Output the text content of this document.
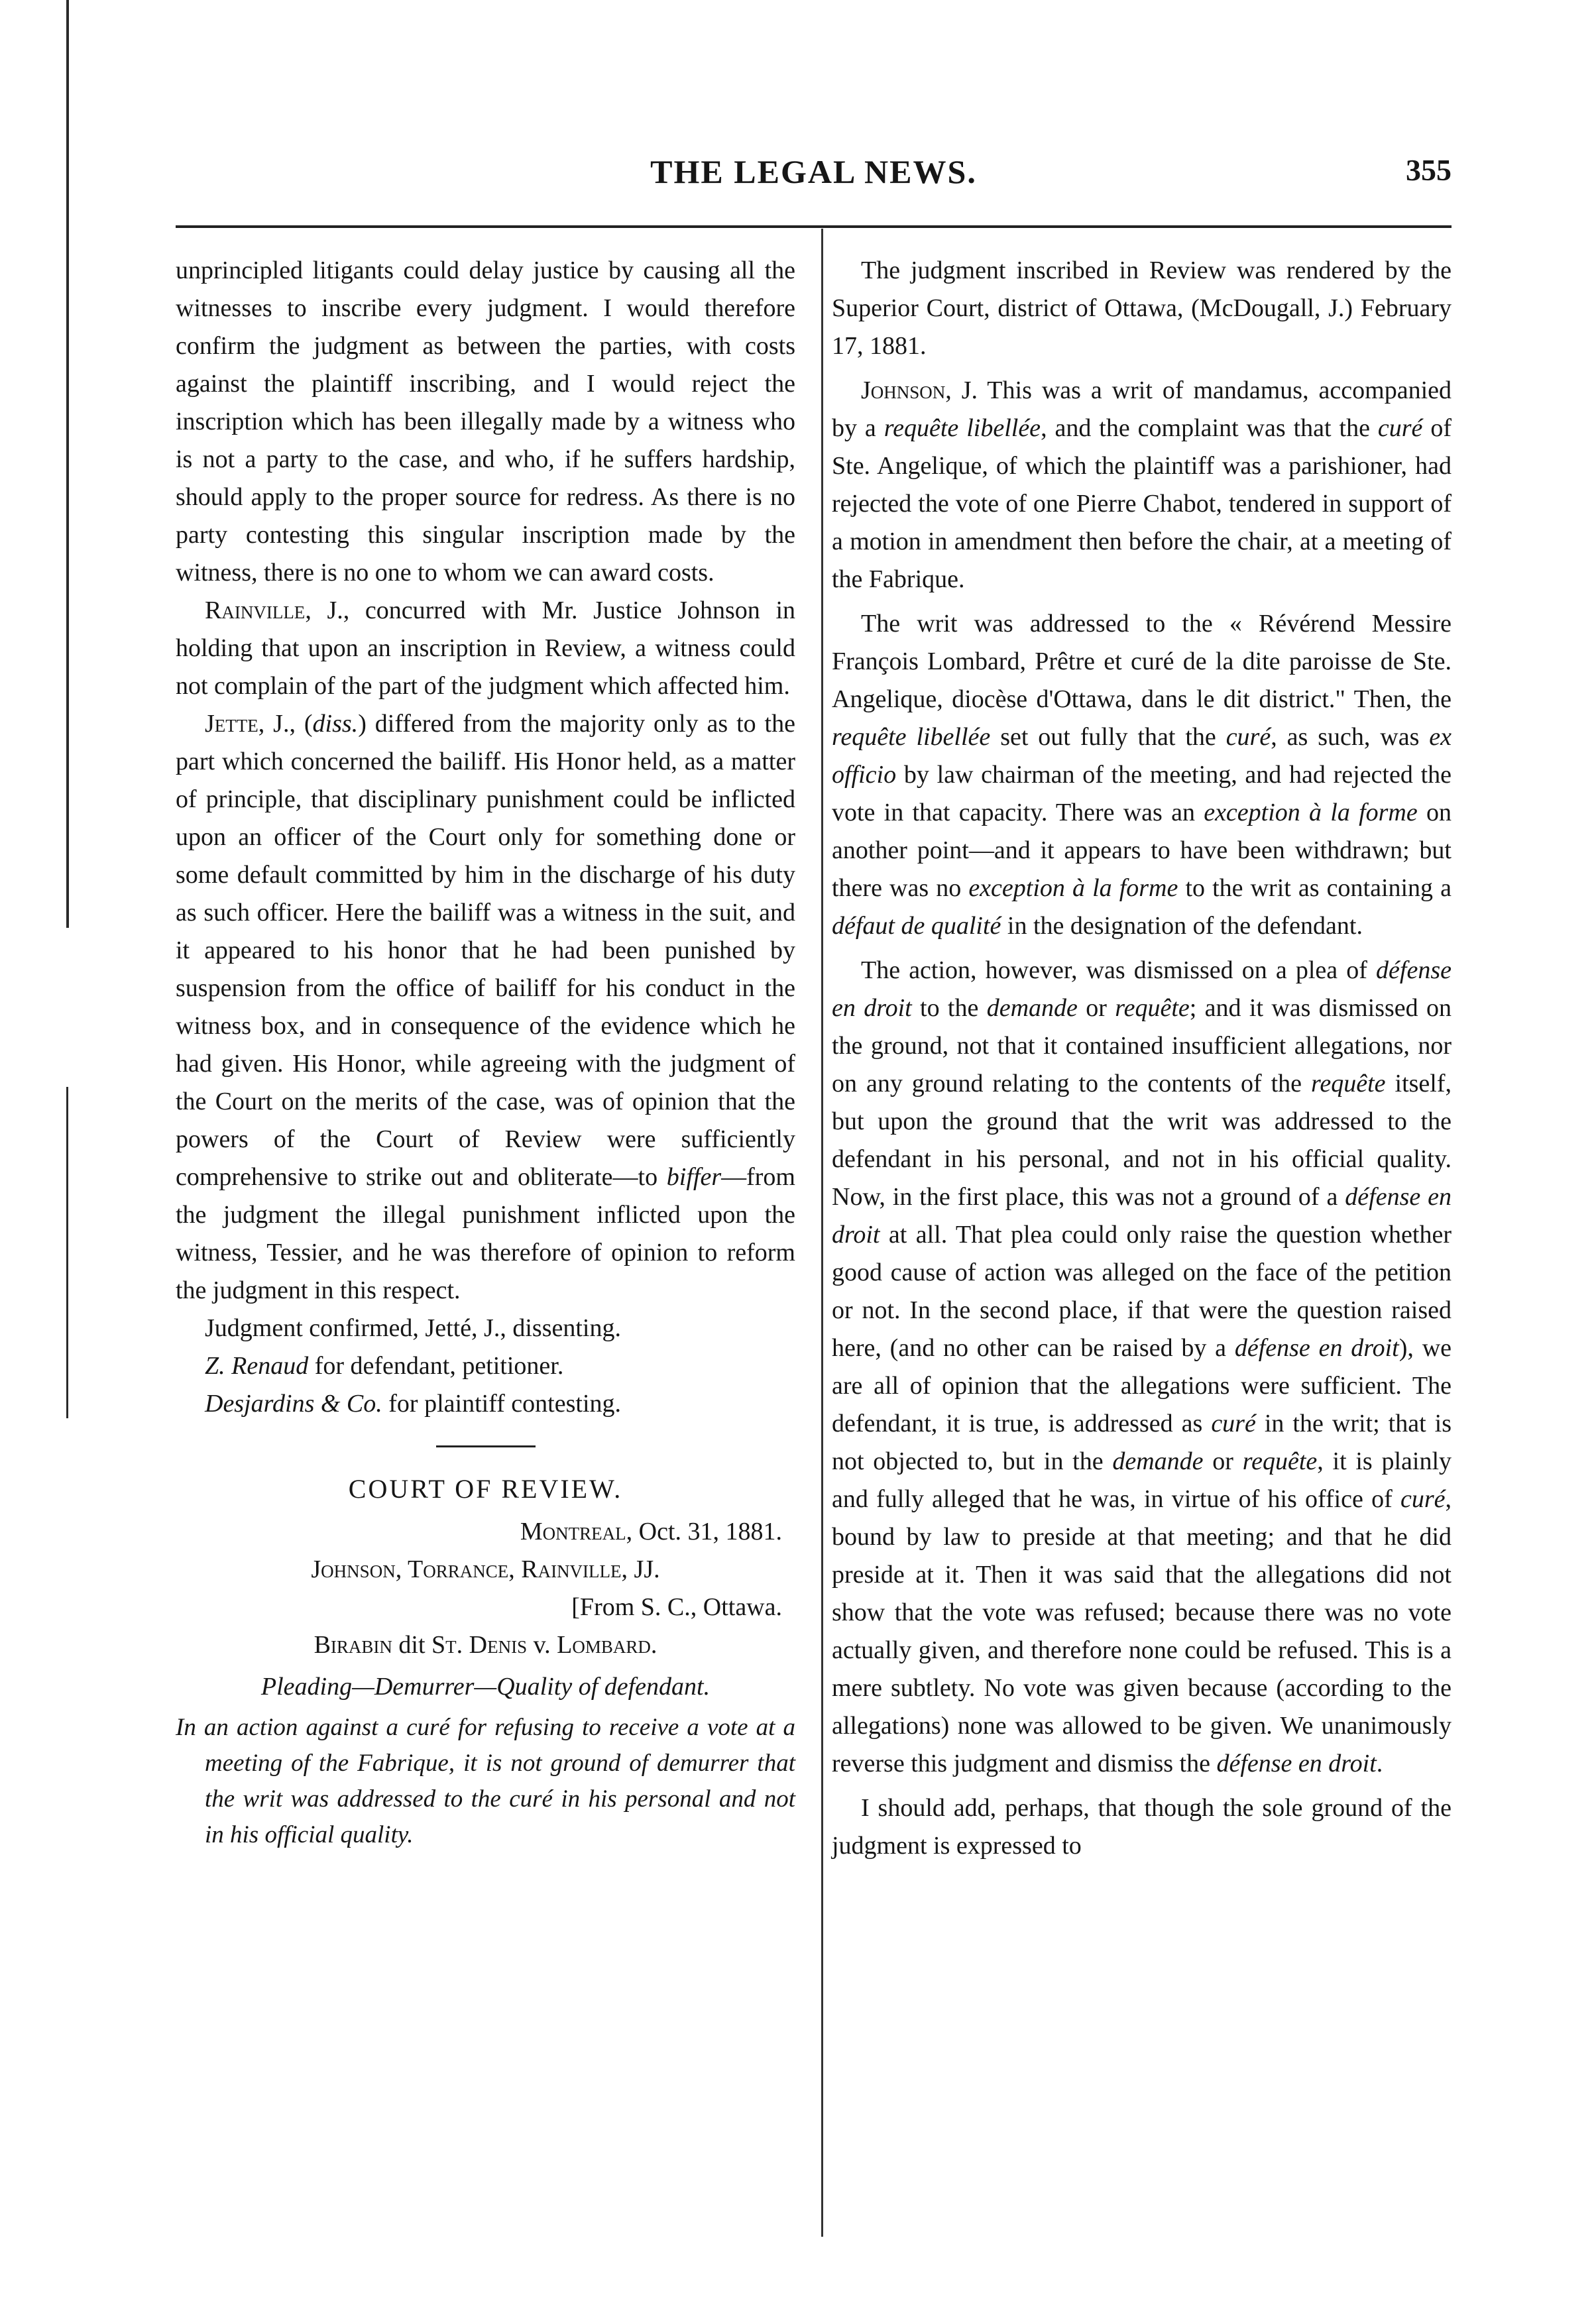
THE LEGAL NEWS.	355

unprincipled litigants could delay justice by causing all the witnesses to inscribe every judgment. I would therefore confirm the judgment as between the parties, with costs against the plaintiff inscribing, and I would reject the inscription which has been illegally made by a witness who is not a party to the case, and who, if he suffers hardship, should apply to the proper source for redress. As there is no party contesting this singular inscription made by the witness, there is no one to whom we can award costs.

Rainville, J., concurred with Mr. Justice Johnson in holding that upon an inscription in Review, a witness could not complain of the part of the judgment which affected him.

Jette, J., (diss.) differed from the majority only as to the part which concerned the bailiff. His Honor held, as a matter of principle, that disciplinary punishment could be inflicted upon an officer of the Court only for something done or some default committed by him in the discharge of his duty as such officer. Here the bailiff was a witness in the suit, and it appeared to his honor that he had been punished by suspension from the office of bailiff for his conduct in the witness box, and in consequence of the evidence which he had given. His Honor, while agreeing with the judgment of the Court on the merits of the case, was of opinion that the powers of the Court of Review were sufficiently comprehensive to strike out and obliterate—to biffer—from the judgment the illegal punishment inflicted upon the witness, Tessier, and he was therefore of opinion to reform the judgment in this respect.

Judgment confirmed, Jetté, J., dissenting.

Z. Renaud for defendant, petitioner.

Desjardins & Co. for plaintiff contesting.

COURT OF REVIEW.

Montreal, Oct. 31, 1881.

Johnson, Torrance, Rainville, JJ.

[From S. C., Ottawa.

Birabin dit St. Denis v. Lombard.

Pleading—Demurrer—Quality of defendant.

In an action against a curé for refusing to receive a vote at a meeting of the Fabrique, it is not ground of demurrer that the writ was addressed to the curé in his personal and not in his official quality.

The judgment inscribed in Review was rendered by the Superior Court, district of Ottawa, (McDougall, J.) February 17, 1881.

Johnson, J. This was a writ of mandamus, accompanied by a requête libellée, and the complaint was that the curé of Ste. Angelique, of which the plaintiff was a parishioner, had rejected the vote of one Pierre Chabot, tendered in support of a motion in amendment then before the chair, at a meeting of the Fabrique.

The writ was addressed to the « Révérend Messire François Lombard, Prêtre et curé de la dite paroisse de Ste. Angelique, diocèse d'Ottawa, dans le dit district." Then, the requête libellée set out fully that the curé, as such, was ex officio by law chairman of the meeting, and had rejected the vote in that capacity. There was an exception à la forme on another point—and it appears to have been withdrawn; but there was no exception à la forme to the writ as containing a défaut de qualité in the designation of the defendant.

The action, however, was dismissed on a plea of défense en droit to the demande or requête; and it was dismissed on the ground, not that it contained insufficient allegations, nor on any ground relating to the contents of the requête itself, but upon the ground that the writ was addressed to the defendant in his personal, and not in his official quality. Now, in the first place, this was not a ground of a défense en droit at all. That plea could only raise the question whether good cause of action was alleged on the face of the petition or not. In the second place, if that were the question raised here, (and no other can be raised by a défense en droit), we are all of opinion that the allegations were sufficient. The defendant, it is true, is addressed as curé in the writ; that is not objected to, but in the demande or requête, it is plainly and fully alleged that he was, in virtue of his office of curé, bound by law to preside at that meeting; and that he did preside at it. Then it was said that the allegations did not show that the vote was refused; because there was no vote actually given, and therefore none could be refused. This is a mere subtlety. No vote was given because (according to the allegations) none was allowed to be given. We unanimously reverse this judgment and dismiss the défense en droit.

I should add, perhaps, that though the sole ground of the judgment is expressed to
